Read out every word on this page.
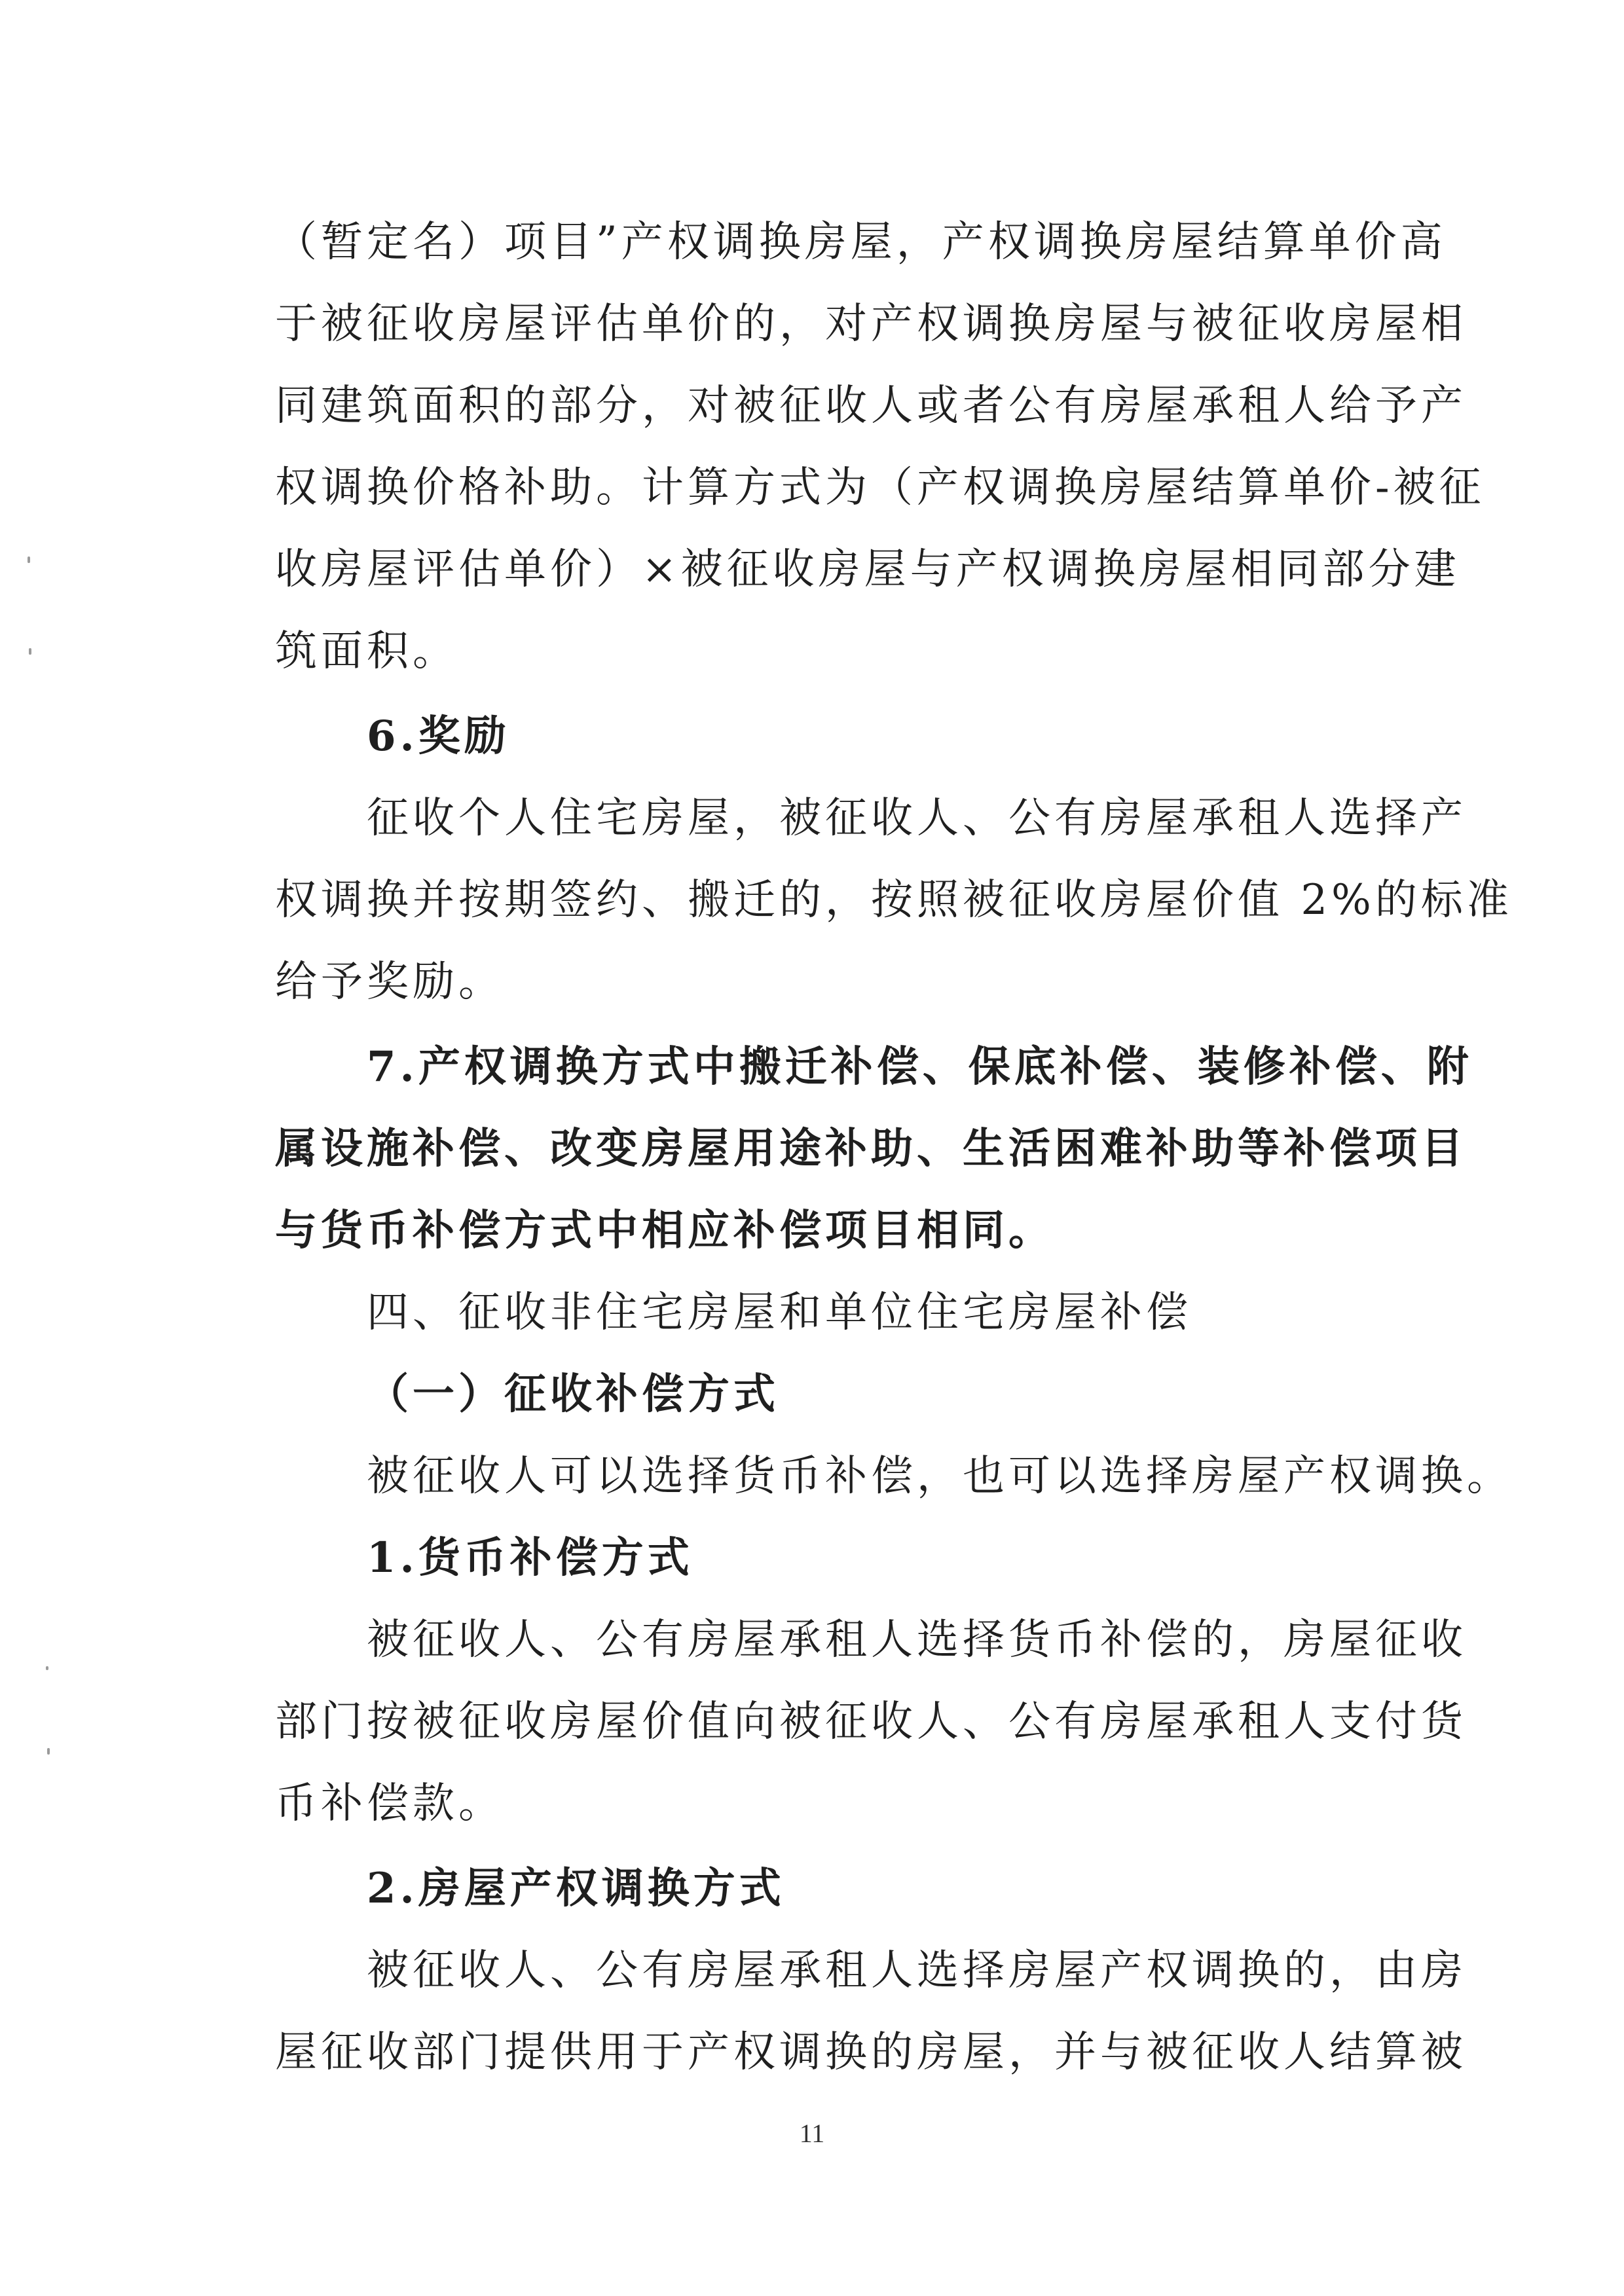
（暂定名）项目”产权调换房屋，产权调换房屋结算单价高
于被征收房屋评估单价的，对产权调换房屋与被征收房屋相
同建筑面积的部分，对被征收人或者公有房屋承租人给予产
权调换价格补助。计算方式为（产权调换房屋结算单价-被征
收房屋评估单价）×被征收房屋与产权调换房屋相同部分建
筑面积。
6.奖励
征收个人住宅房屋，被征收人、公有房屋承租人选择产
权调换并按期签约、搬迁的，按照被征收房屋价值 2%的标准
给予奖励。
7.产权调换方式中搬迁补偿、保底补偿、装修补偿、附
属设施补偿、改变房屋用途补助、生活困难补助等补偿项目
与货币补偿方式中相应补偿项目相同。
四、征收非住宅房屋和单位住宅房屋补偿
（一）征收补偿方式
被征收人可以选择货币补偿，也可以选择房屋产权调换。
1.货币补偿方式
被征收人、公有房屋承租人选择货币补偿的，房屋征收
部门按被征收房屋价值向被征收人、公有房屋承租人支付货
币补偿款。
2.房屋产权调换方式
被征收人、公有房屋承租人选择房屋产权调换的，由房
屋征收部门提供用于产权调换的房屋，并与被征收人结算被
11
